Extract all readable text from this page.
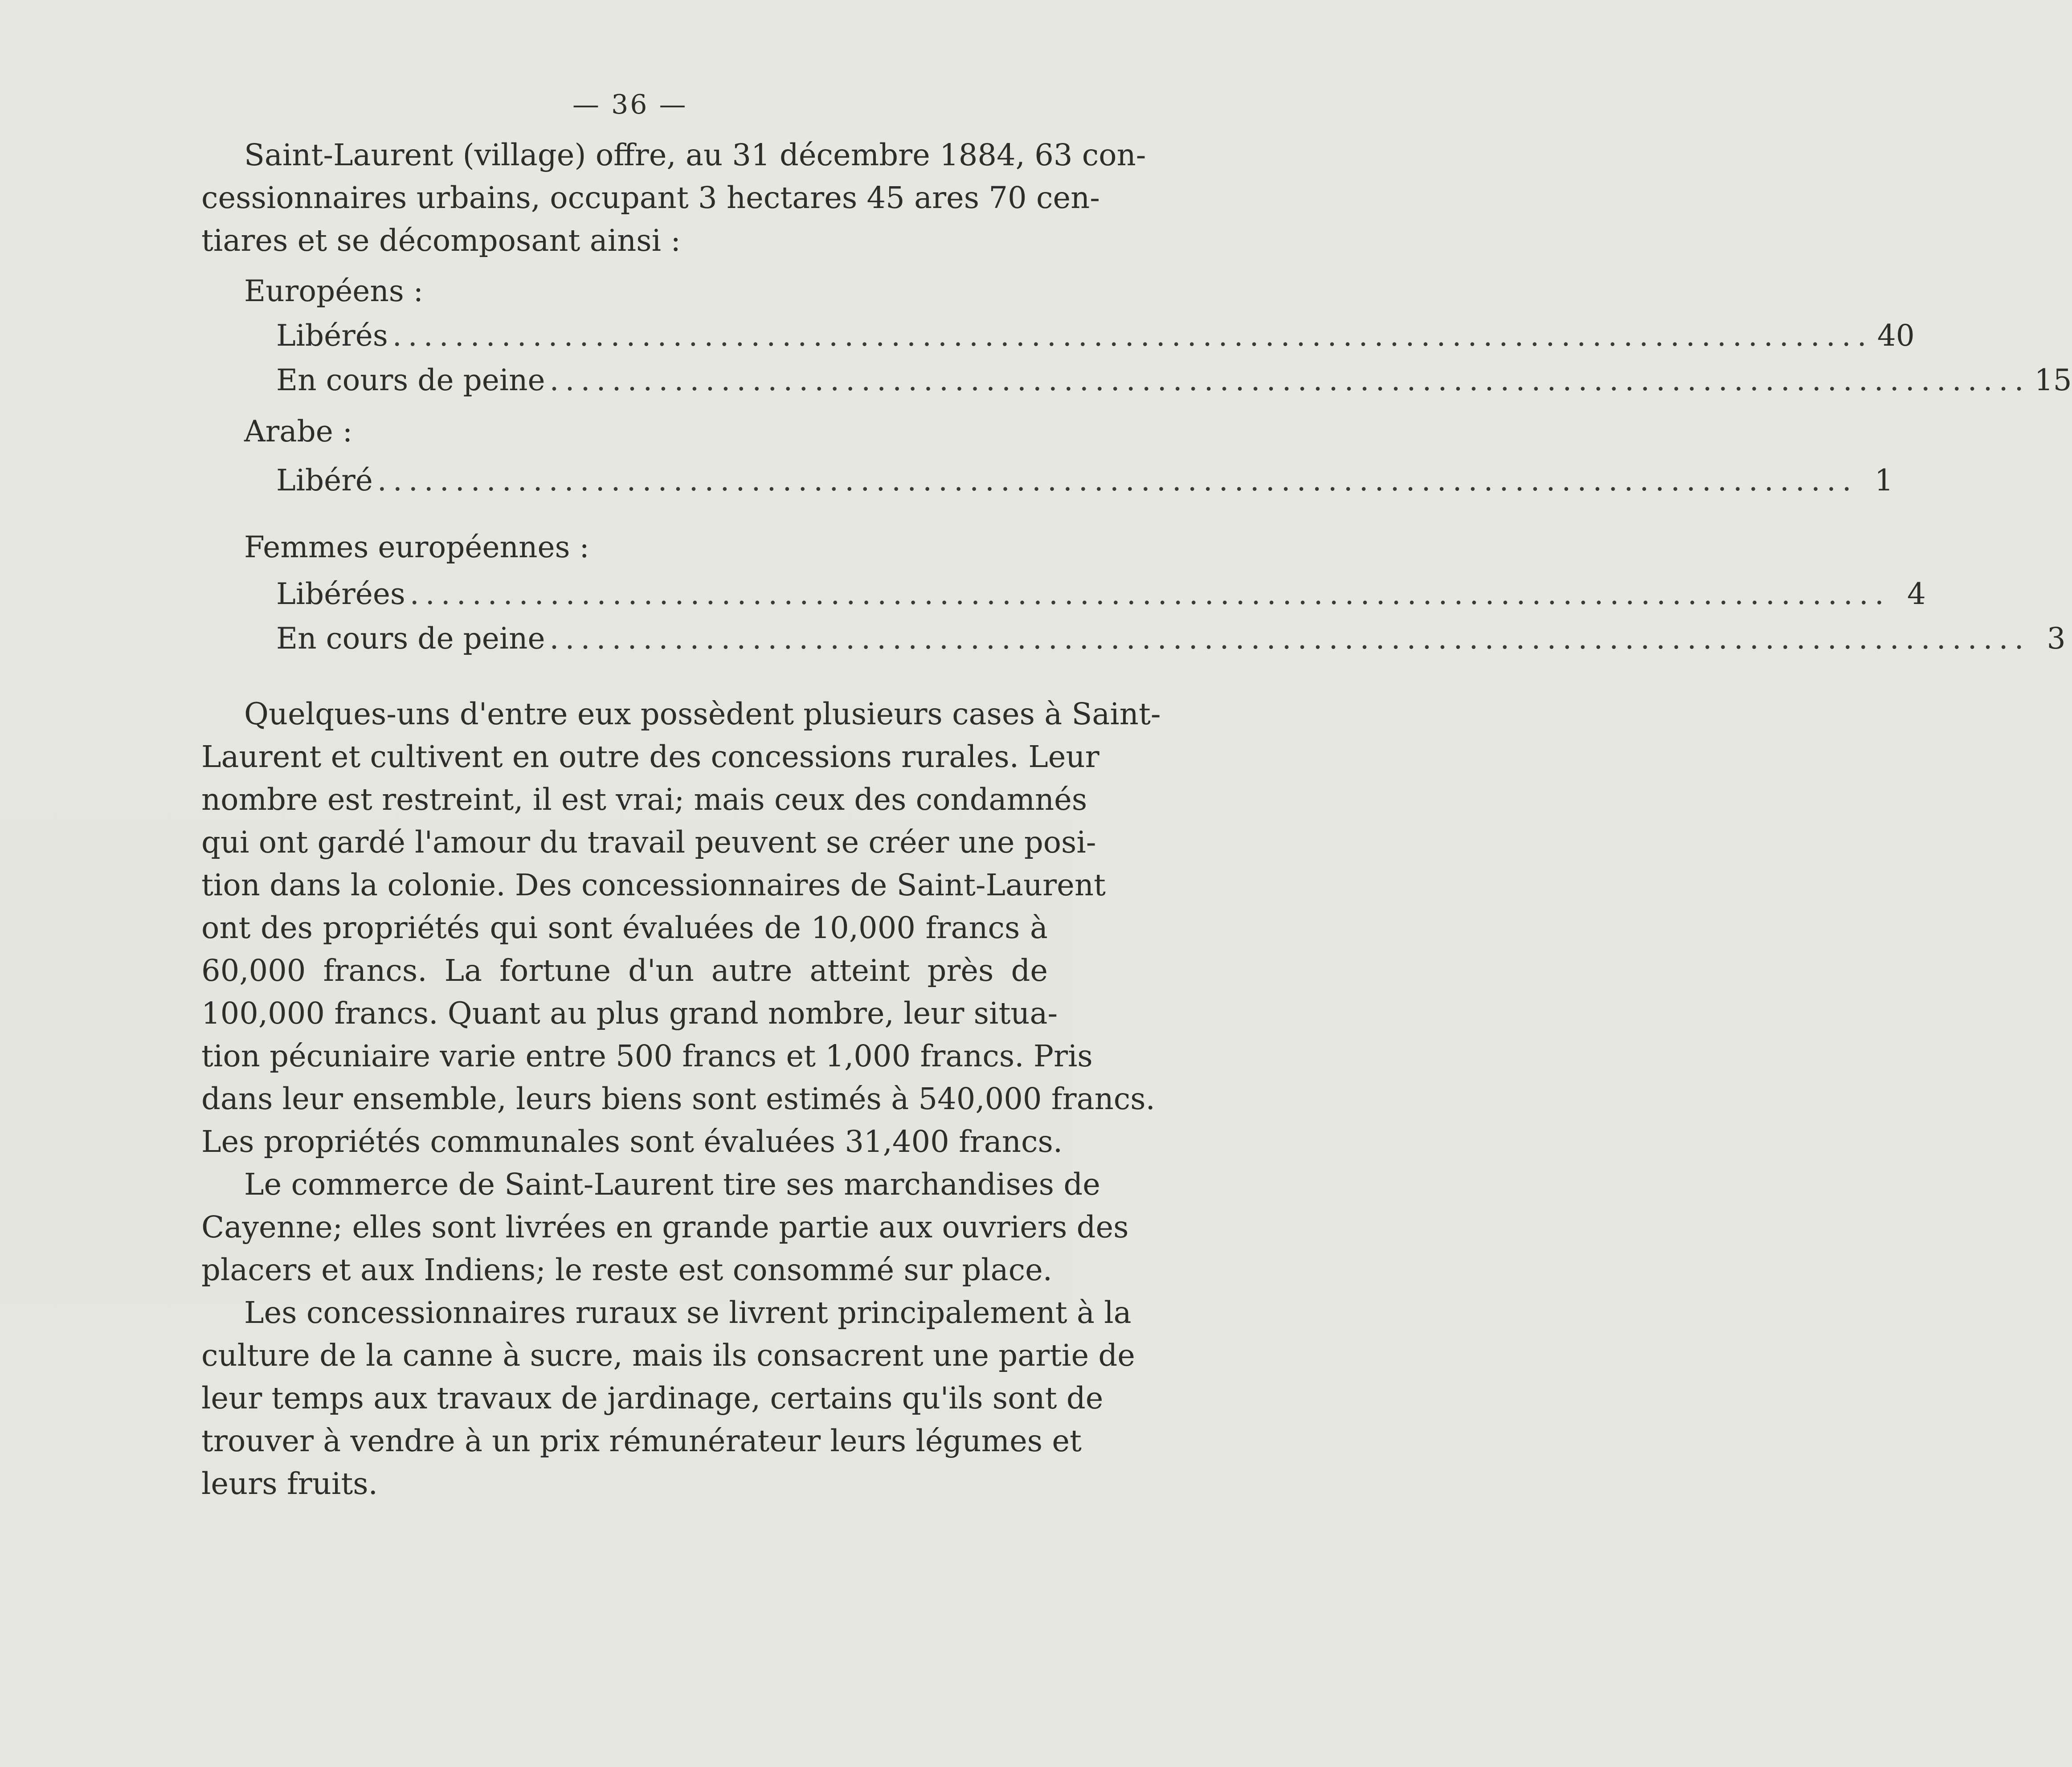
— 36 —
Saint-Laurent (village) offre, au 31 décembre 1884, 63 con-
cessionnaires urbains, occupant 3 hectares 45 ares 70 cen-
tiares et se décomposant ainsi :
Européens :
Libérés ............................................................................................... 40
En cours de peine ............................................................................................... 15
Arabe :
Libéré ............................................................................................... 1
Femmes européennes :
Libérées ............................................................................................... 4
En cours de peine ............................................................................................... 3
Quelques-uns d'entre eux possèdent plusieurs cases à Saint-
Laurent et cultivent en outre des concessions rurales. Leur
nombre est restreint, il est vrai; mais ceux des condamnés
qui ont gardé l'amour du travail peuvent se créer une posi-
tion dans la colonie. Des concessionnaires de Saint-Laurent
ont des propriétés qui sont évaluées de 10,000 francs à
60,000 francs. La fortune d'un autre atteint près de
100,000 francs. Quant au plus grand nombre, leur situa-
tion pécuniaire varie entre 500 francs et 1,000 francs. Pris
dans leur ensemble, leurs biens sont estimés à 540,000 francs.
Les propriétés communales sont évaluées 31,400 francs.
Le commerce de Saint-Laurent tire ses marchandises de
Cayenne; elles sont livrées en grande partie aux ouvriers des
placers et aux Indiens; le reste est consommé sur place.
Les concessionnaires ruraux se livrent principalement à la
culture de la canne à sucre, mais ils consacrent une partie de
leur temps aux travaux de jardinage, certains qu'ils sont de
trouver à vendre à un prix rémunérateur leurs légumes et
leurs fruits.
